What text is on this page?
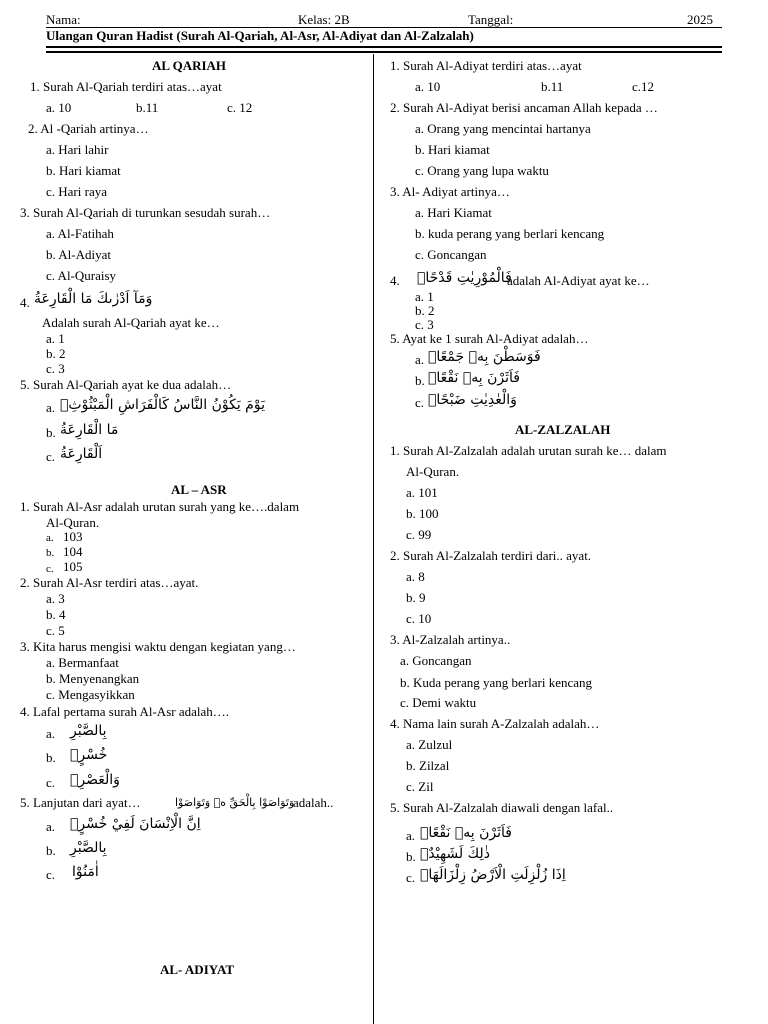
Nama:	Kelas: 2B	Tanggal:	2025
Ulangan Quran Hadist (Surah Al-Qariah, Al-Asr, Al-Adiyat dan Al-Zalzalah)
AL QARIAH
1. Surah Al-Qariah terdiri atas…ayat
a. 10	b.11	c. 12
2. Al -Qariah artinya…
a. Hari lahir
b. Hari kiamat
c. Hari raya
3. Surah Al-Qariah di turunkan sesudah surah…
a. Al-Fatihah
b. Al-Adiyat
c. Al-Quraisy
4. وَمَآ اَدْرٰىكَ مَا الْقَارِعَةُ
Adalah surah Al-Qariah ayat ke…
a. 1
b. 2
c. 3
5. Surah Al-Qariah ayat ke dua adalah…
a. يَوْمَ يَكُوْنُ النَّاسُ كَالْفَرَاشِ الْمَبْثُوْثِۙ
b. مَا الْقَارِعَةُ
c. اَلْقَارِعَةُ
AL – ASR
1. Surah Al-Asr adalah urutan surah yang ke….dalam
Al-Quran.
a. 103
b. 104
c. 105
2. Surah Al-Asr terdiri atas…ayat.
a. 3
b. 4
c. 5
3. Kita harus mengisi waktu dengan kegiatan yang…
a. Bermanfaat
b. Menyenangkan
c. Mengasyikkan
4. Lafal pertama surah Al-Asr adalah….
a. بِالصَّبْرِ
b. خُسْرٍۙ
c. وَالْعَصْرِۙ
5. Lanjutan dari ayat…	وَتَوَاصَوْا بِالْحَقِّ ەۙ وَتَوَاصَوْا
adalah..
a. اِنَّ الْاِنْسَانَ لَفِيْ خُسْرٍۙ
b. بِالصَّبْرِ
c. اٰمَنُوْا
AL- ADIYAT
1. Surah Al-Adiyat terdiri atas…ayat
a. 10	b.11	c.12
2. Surah Al-Adiyat berisi ancaman Allah kepada …
a. Orang yang mencintai hartanya
b. Hari kiamat
c. Orang yang lupa waktu
3. Al- Adiyat artinya…
a. Hari Kiamat
b. kuda perang yang berlari kencang
c. Goncangan
4. فَالْمُوْرِيٰتِ قَدْحًاۙ
adalah Al-Adiyat ayat ke…
a. 1
b. 2
c. 3
5. Ayat ke 1 surah Al-Adiyat adalah…
a. فَوَسَطْنَ بِهٖ جَمْعًاۙ
b. فَاَثَرْنَ بِهٖ نَقْعًاۙ
c. وَالْعٰدِيٰتِ ضَبْحًاۙ
AL-ZALZALAH
1. Surah Al-Zalzalah adalah urutan surah ke… dalam
Al-Quran.
a. 101
b. 100
c. 99
2. Surah Al-Zalzalah terdiri dari.. ayat.
a. 8
b. 9
c. 10
3. Al-Zalzalah artinya..
a. Goncangan
b. Kuda perang yang berlari kencang
c. Demi waktu
4. Nama lain surah A-Zalzalah adalah…
a. Zulzul
b. Zilzal
c. Zil
5. Surah Al-Zalzalah diawali dengan lafal..
a. فَاَثَرْنَ بِهٖ نَقْعًاۙ
b. ذٰلِكَ لَشَهِيْدٌۚ
c. اِذَا زُلْزِلَتِ الْاَرْضُ زِلْزَالَهَاۙ
